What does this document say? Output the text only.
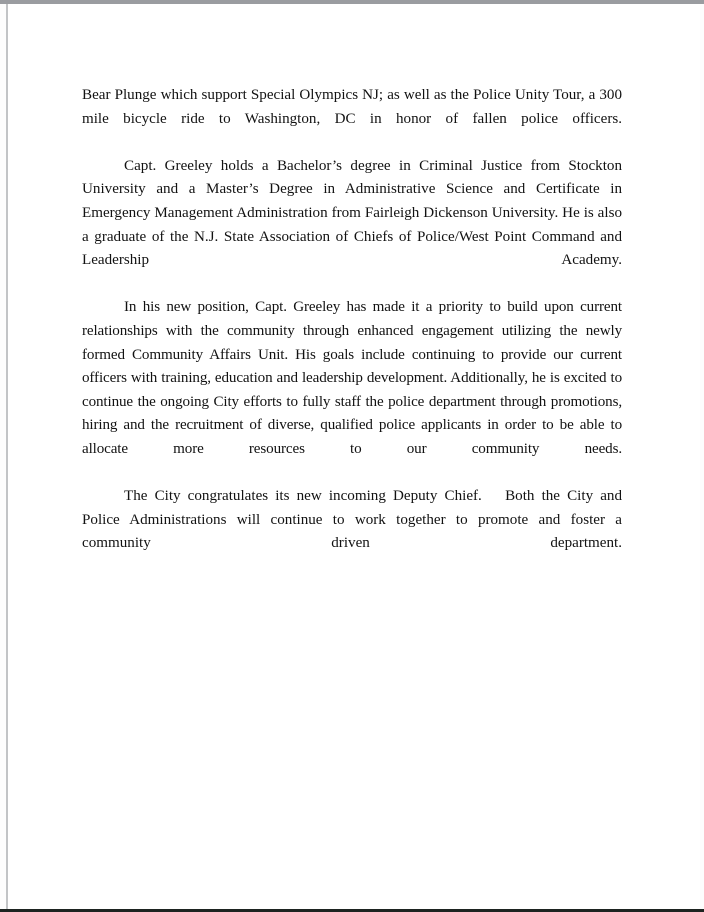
Bear Plunge which support Special Olympics NJ; as well as the Police Unity Tour, a 300 mile bicycle ride to Washington, DC in honor of fallen police officers.

Capt. Greeley holds a Bachelor’s degree in Criminal Justice from Stockton University and a Master’s Degree in Administrative Science and Certificate in Emergency Management Administration from Fairleigh Dickenson University. He is also a graduate of the N.J. State Association of Chiefs of Police/West Point Command and Leadership Academy.

In his new position, Capt. Greeley has made it a priority to build upon current relationships with the community through enhanced engagement utilizing the newly formed Community Affairs Unit. His goals include continuing to provide our current officers with training, education and leadership development. Additionally, he is excited to continue the ongoing City efforts to fully staff the police department through promotions, hiring and the recruitment of diverse, qualified police applicants in order to be able to allocate more resources to our community needs.

The City congratulates its new incoming Deputy Chief. Both the City and Police Administrations will continue to work together to promote and foster a community driven department.
